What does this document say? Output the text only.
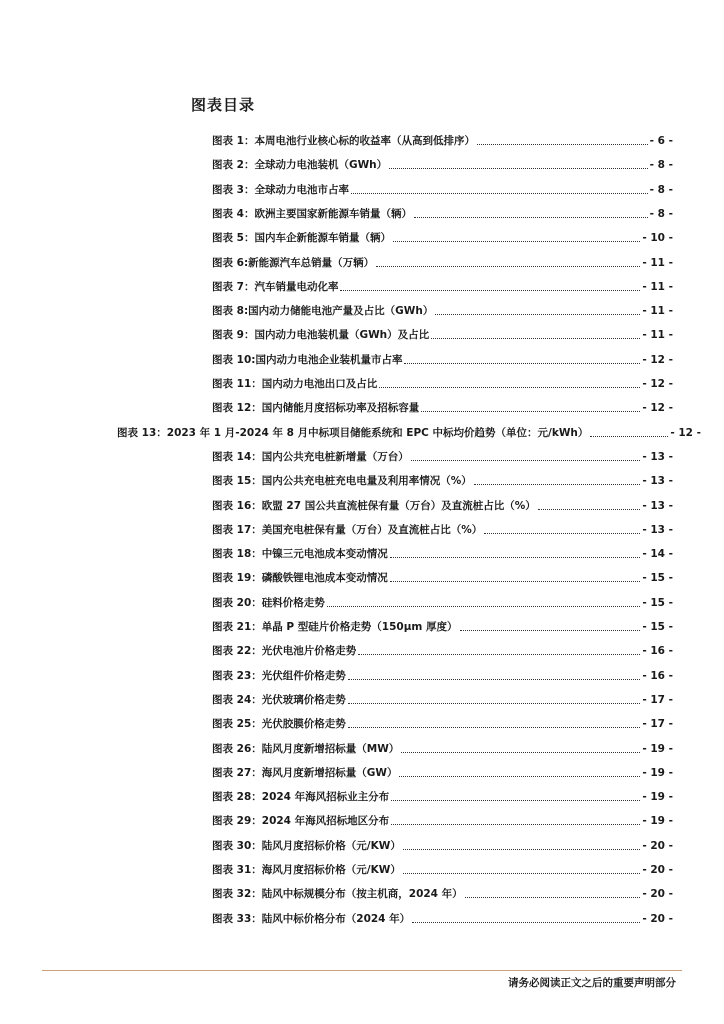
图表目录
图表 1：本周电池行业核心标的收益率（从高到低排序）	- 6 -
图表 2：全球动力电池装机（GWh）	- 8 -
图表 3：全球动力电池市占率	- 8 -
图表 4：欧洲主要国家新能源车销量（辆）	- 8 -
图表 5：国内车企新能源车销量（辆）	- 10 -
图表 6:新能源汽车总销量（万辆）	- 11 -
图表 7：汽车销量电动化率	- 11 -
图表 8:国内动力储能电池产量及占比（GWh）	- 11 -
图表 9：国内动力电池装机量（GWh）及占比	- 11 -
图表 10:国内动力电池企业装机量市占率	- 12 -
图表 11：国内动力电池出口及占比	- 12 -
图表 12：国内储能月度招标功率及招标容量	- 12 -
图表 13：2023 年 1 月-2024 年 8 月中标项目储能系统和 EPC 中标均价趋势（单位：元/kWh）	- 12 -
图表 14：国内公共充电桩新增量（万台）	- 13 -
图表 15：国内公共充电桩充电电量及利用率情况（%）	- 13 -
图表 16：欧盟 27 国公共直流桩保有量（万台）及直流桩占比（%）	- 13 -
图表 17：美国充电桩保有量（万台）及直流桩占比（%）	- 13 -
图表 18：中镍三元电池成本变动情况	- 14 -
图表 19：磷酸铁锂电池成本变动情况	- 15 -
图表 20：硅料价格走势	- 15 -
图表 21：单晶 P 型硅片价格走势（150μm 厚度）	- 15 -
图表 22：光伏电池片价格走势	- 16 -
图表 23：光伏组件价格走势	- 16 -
图表 24：光伏玻璃价格走势	- 17 -
图表 25：光伏胶膜价格走势	- 17 -
图表 26：陆风月度新增招标量（MW）	- 19 -
图表 27：海风月度新增招标量（GW）	- 19 -
图表 28：2024 年海风招标业主分布	- 19 -
图表 29：2024 年海风招标地区分布	- 19 -
图表 30：陆风月度招标价格（元/KW）	- 20 -
图表 31：海风月度招标价格（元/KW）	- 20 -
图表 32：陆风中标规模分布（按主机商，2024 年）	- 20 -
图表 33：陆风中标价格分布（2024 年）	- 20 -
请务必阅读正文之后的重要声明部分
